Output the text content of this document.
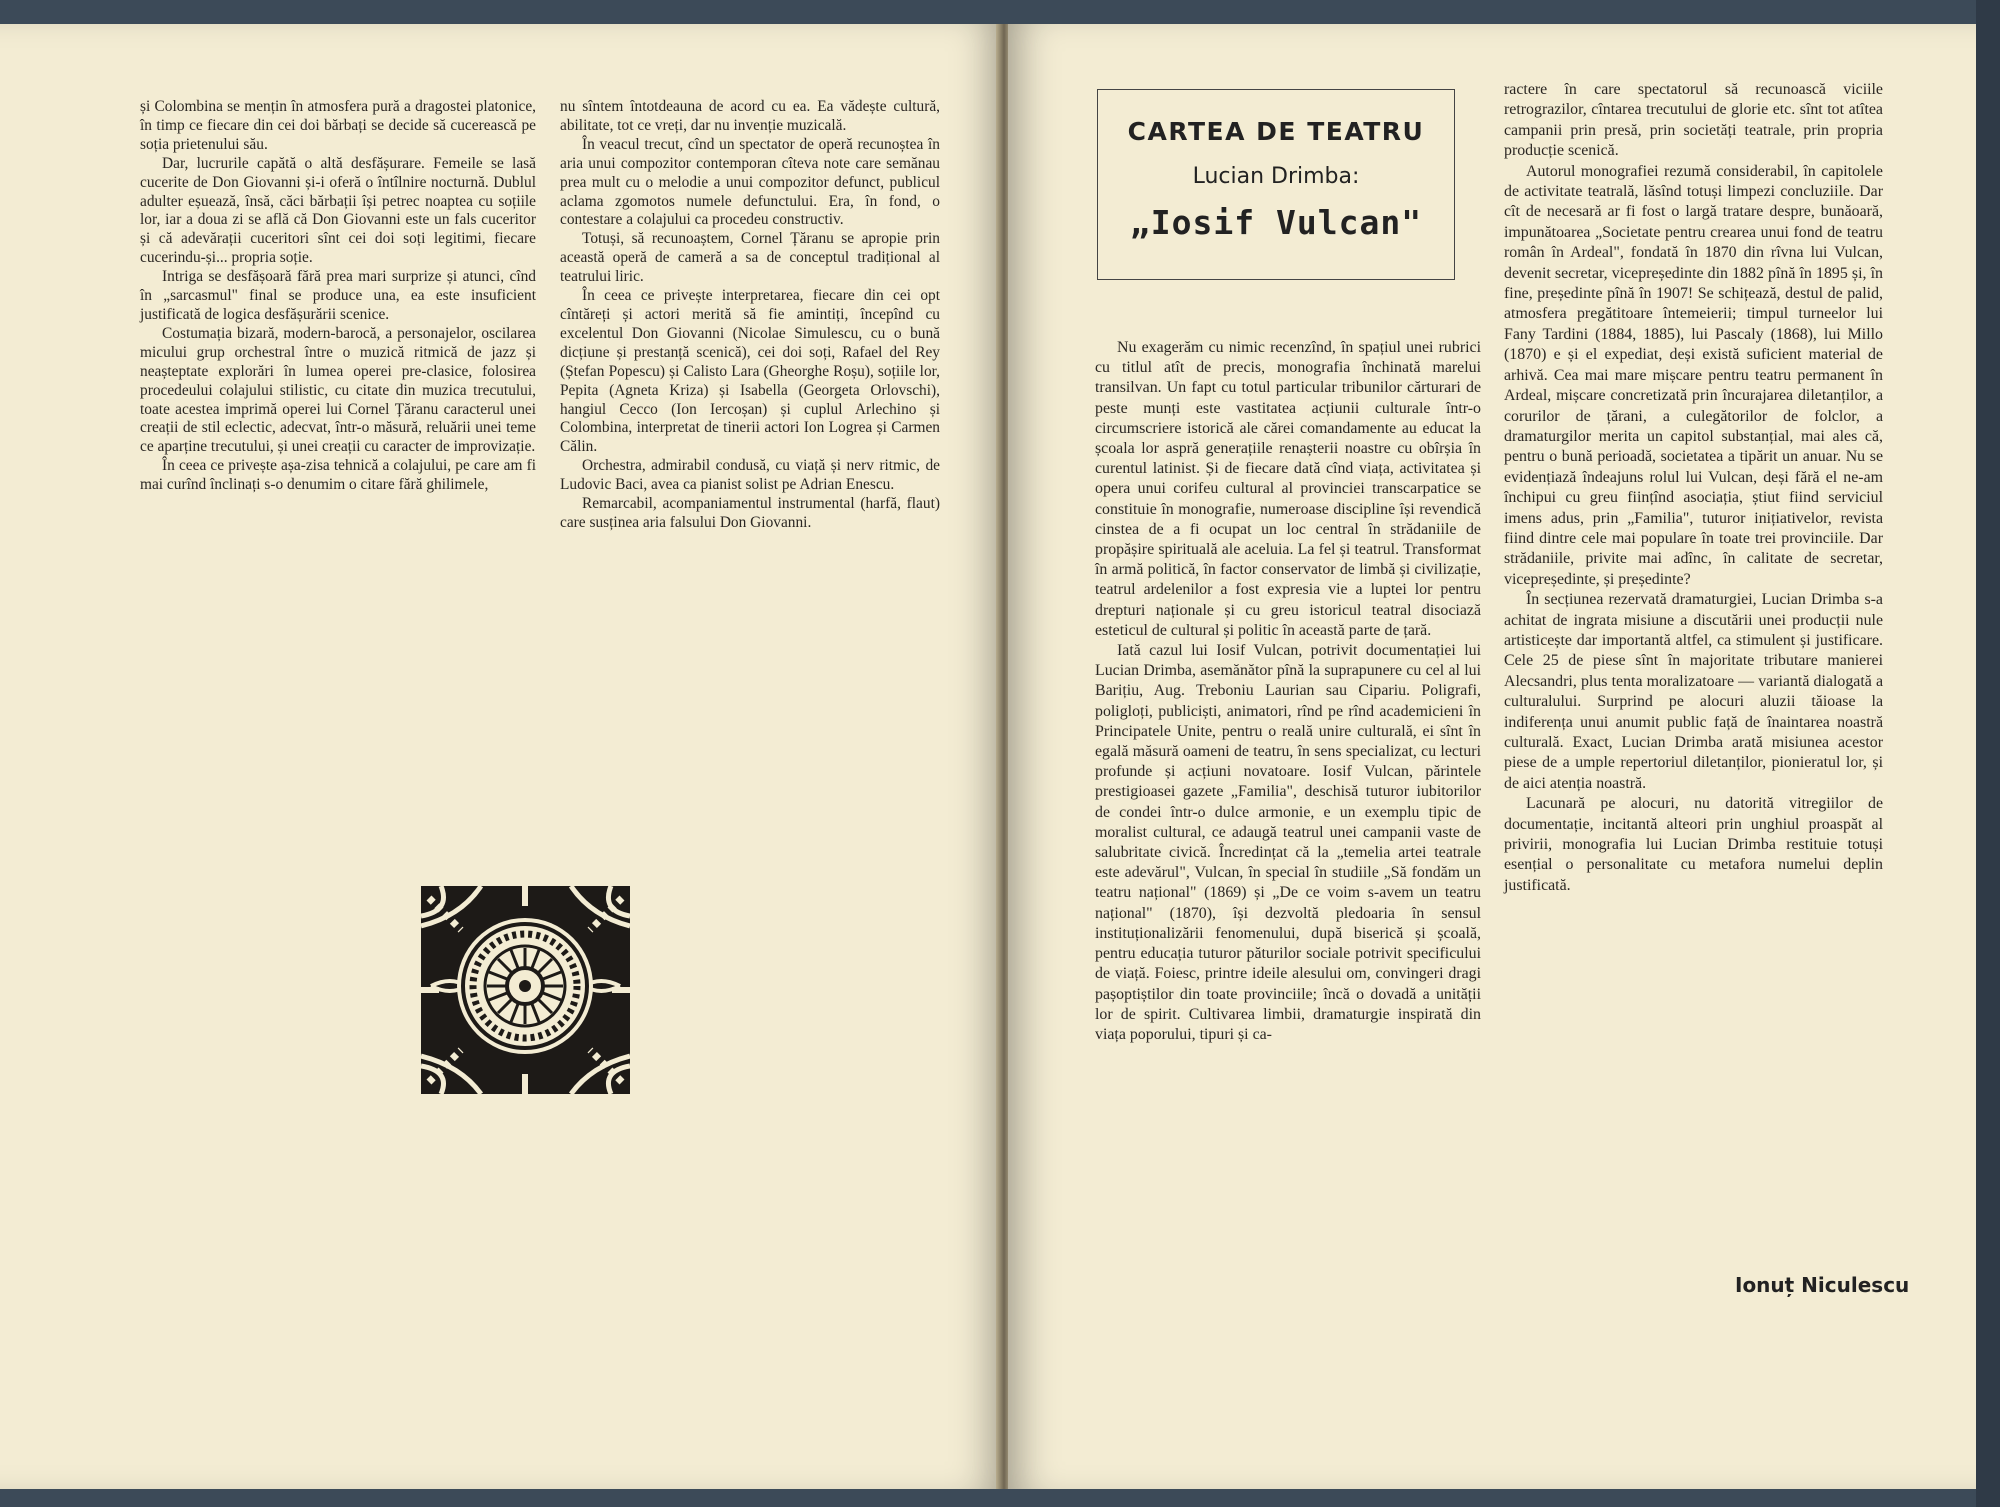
și Colombina se mențin în atmosfera pură a dragostei platonice, în timp ce fiecare din cei doi bărbați se decide să cucerească pe soția prietenului său.

Dar, lucrurile capătă o altă desfășurare. Femeile se lasă cucerite de Don Giovanni și-i oferă o întîlnire nocturnă. Dublul adulter eșuează, însă, căci bărbații își petrec noaptea cu soțiile lor, iar a doua zi se află că Don Giovanni este un fals cuceritor și că adevărații cuceritori sînt cei doi soți legitimi, fiecare cucerindu-și... propria soție.

Intriga se desfășoară fără prea mari surprize și atunci, cînd în „sarcasmul" final se produce una, ea este insuficient justificată de logica desfășurării scenice.

Costumația bizară, modern-barocă, a personajelor, oscilarea micului grup orchestral între o muzică ritmică de jazz și neașteptate explorări în lumea operei pre-clasice, folosirea procedeului colajului stilistic, cu citate din muzica trecutului, toate acestea imprimă operei lui Cornel Țăranu caracterul unei creații de stil eclectic, adecvat, într-o măsură, reluării unei teme ce aparține trecutului, și unei creații cu caracter de improvizație.

În ceea ce privește așa-zisa tehnică a colajului, pe care am fi mai curînd înclinați s-o denumim o citare fără ghilimele,

nu sîntem întotdeauna de acord cu ea. Ea vădește cultură, abilitate, tot ce vreți, dar nu invenție muzicală.

În veacul trecut, cînd un spectator de operă recunoștea în aria unui compozitor contemporan cîteva note care semănau prea mult cu o melodie a unui compozitor defunct, publicul aclama zgomotos numele defunctului. Era, în fond, o contestare a colajului ca procedeu constructiv.

Totuși, să recunoaștem, Cornel Țăranu se apropie prin această operă de cameră a sa de conceptul tradițional al teatrului liric.

În ceea ce privește interpretarea, fiecare din cei opt cîntăreți și actori merită să fie amintiți, începînd cu excelentul Don Giovanni (Nicolae Simulescu, cu o bună dicțiune și prestanță scenică), cei doi soți, Rafael del Rey (Ștefan Popescu) și Calisto Lara (Gheorghe Roșu), soțiile lor, Pepita (Agneta Kriza) și Isabella (Georgeta Orlovschi), hangiul Cecco (Ion Iercoșan) și cuplul Arlechino și Colombina, interpretat de tinerii actori Ion Logrea și Carmen Călin.

Orchestra, admirabil condusă, cu viață și nerv ritmic, de Ludovic Baci, avea ca pianist solist pe Adrian Enescu.

Remarcabil, acompaniamentul instrumental (harfă, flaut) care susținea aria falsului Don Giovanni.

CARTEA DE TEATRU
Lucian Drimba:
„Iosif Vulcan"

Nu exagerăm cu nimic recenzînd, în spațiul unei rubrici cu titlul atît de precis, monografia închinată marelui transilvan. Un fapt cu totul particular tribunilor cărturari de peste munți este vastitatea acțiunii culturale într-o circumscriere istorică ale cărei comandamente au educat la școala lor aspră generațiile renașterii noastre cu obîrșia în curentul latinist. Și de fiecare dată cînd viața, activitatea și opera unui corifeu cultural al provinciei transcarpatice se constituie în monografie, numeroase discipline își revendică cinstea de a fi ocupat un loc central în strădaniile de propășire spirituală ale aceluia. La fel și teatrul. Transformat în armă politică, în factor conservator de limbă și civilizație, teatrul ardelenilor a fost expresia vie a luptei lor pentru drepturi naționale și cu greu istoricul teatral disociază esteticul de cultural și politic în această parte de țară.

Iată cazul lui Iosif Vulcan, potrivit documentației lui Lucian Drimba, asemănător pînă la suprapunere cu cel al lui Barițiu, Aug. Treboniu Laurian sau Cipariu. Poligrafi, poligloți, publiciști, animatori, rînd pe rînd academicieni în Principatele Unite, pentru o reală unire culturală, ei sînt în egală măsură oameni de teatru, în sens specializat, cu lecturi profunde și acțiuni novatoare. Iosif Vulcan, părintele prestigioasei gazete „Familia", deschisă tuturor iubitorilor de condei într-o dulce armonie, e un exemplu tipic de moralist cultural, ce adaugă teatrul unei campanii vaste de salubritate civică. Încredințat că la „temelia artei teatrale este adevărul", Vulcan, în special în studiile „Să fondăm un teatru național" (1869) și „De ce voim s-avem un teatru național" (1870), își dezvoltă pledoaria în sensul instituționalizării fenomenului, după biserică și școală, pentru educația tuturor păturilor sociale potrivit specificului de viață. Foiesc, printre ideile alesului om, convingeri dragi pașoptiștilor din toate provinciile; încă o dovadă a unității lor de spirit. Cultivarea limbii, dramaturgie inspirată din viața poporului, tipuri și ca-

ractere în care spectatorul să recunoască viciile retrograzilor, cîntarea trecutului de glorie etc. sînt tot atîtea campanii prin presă, prin societăți teatrale, prin propria producție scenică.

Autorul monografiei rezumă considerabil, în capitolele de activitate teatrală, lăsînd totuși limpezi concluziile. Dar cît de necesară ar fi fost o largă tratare despre, bunăoară, impunătoarea „Societate pentru crearea unui fond de teatru român în Ardeal", fondată în 1870 din rîvna lui Vulcan, devenit secretar, vicepreședinte din 1882 pînă în 1895 și, în fine, președinte pînă în 1907! Se schițează, destul de palid, atmosfera pregătitoare întemeierii; timpul turneelor lui Fany Tardini (1884, 1885), lui Pascaly (1868), lui Millo (1870) e și el expediat, deși există suficient material de arhivă. Cea mai mare mișcare pentru teatru permanent în Ardeal, mișcare concretizată prin încurajarea diletanților, a corurilor de țărani, a culegătorilor de folclor, a dramaturgilor merita un capitol substanțial, mai ales că, pentru o bună perioadă, societatea a tipărit un anuar. Nu se evidențiază îndeajuns rolul lui Vulcan, deși fără el ne-am închipui cu greu ființînd asociația, știut fiind serviciul imens adus, prin „Familia", tuturor inițiativelor, revista fiind dintre cele mai populare în toate trei provinciile. Dar strădaniile, privite mai adînc, în calitate de secretar, vicepreședinte, și președinte?

În secțiunea rezervată dramaturgiei, Lucian Drimba s-a achitat de ingrata misiune a discutării unei producții nule artisticește dar importantă altfel, ca stimulent și justificare. Cele 25 de piese sînt în majoritate tributare manierei Alecsandri, plus tenta moralizatoare — variantă dialogată a culturalului. Surprind pe alocuri aluzii tăioase la indiferența unui anumit public față de înaintarea noastră culturală. Exact, Lucian Drimba arată misiunea acestor piese de a umple repertoriul diletanților, pionieratul lor, și de aici atenția noastră.

Lacunară pe alocuri, nu datorită vitregiilor de documentație, incitantă alteori prin unghiul proaspăt al privirii, monografia lui Lucian Drimba restituie totuși esențial o personalitate cu metafora numelui deplin justificată.

Ionuț Niculescu
